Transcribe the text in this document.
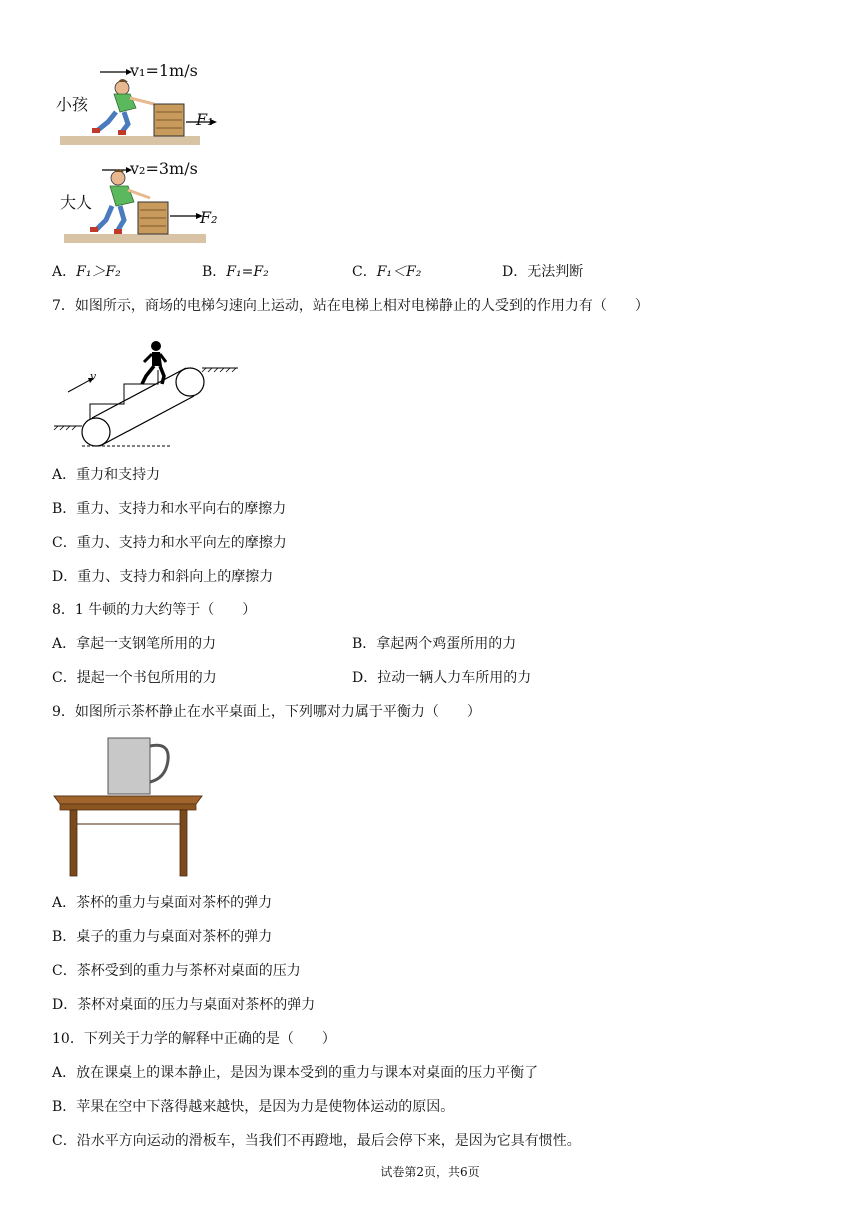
v₁=1m/s
小孩
F₁
v₂=3m/s
大人
F₂
A．F₁＞F₂	B．F₁=F₂	C．F₁＜F₂	D．无法判断
7．如图所示，商场的电梯匀速向上运动，站在电梯上相对电梯静止的人受到的作用力有（　　）
v
A．重力和支持力
B．重力、支持力和水平向右的摩擦力
C．重力、支持力和水平向左的摩擦力
D．重力、支持力和斜向上的摩擦力
8．1 牛顿的力大约等于（　　）
A．拿起一支钢笔所用的力	B．拿起两个鸡蛋所用的力
C．提起一个书包所用的力	D．拉动一辆人力车所用的力
9．如图所示茶杯静止在水平桌面上，下列哪对力属于平衡力（　　）
A．茶杯的重力与桌面对茶杯的弹力
B．桌子的重力与桌面对茶杯的弹力
C．茶杯受到的重力与茶杯对桌面的压力
D．茶杯对桌面的压力与桌面对茶杯的弹力
10．下列关于力学的解释中正确的是（　　）
A．放在课桌上的课本静止，是因为课本受到的重力与课本对桌面的压力平衡了
B．苹果在空中下落得越来越快，是因为力是使物体运动的原因。
C．沿水平方向运动的滑板车，当我们不再蹬地，最后会停下来，是因为它具有惯性。
试卷第2页，共6页
